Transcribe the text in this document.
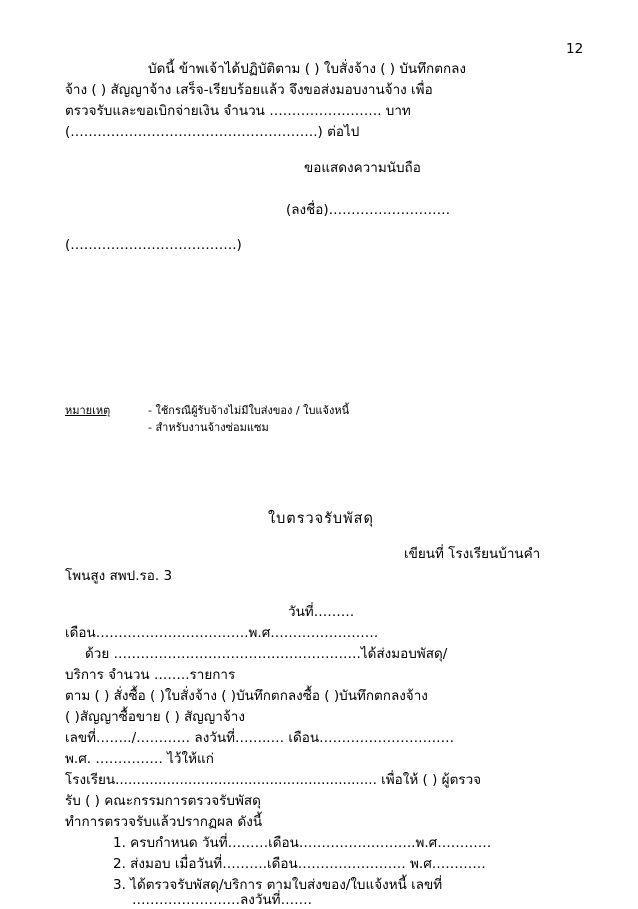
12
บัดนี้ ข้าพเจ้าได้ปฏิบัติตาม ( ) ใบสั่งจ้าง ( ) บันทึกตกลง
จ้าง ( ) สัญญาจ้าง เสร็จ-เรียบร้อยแล้ว จึงขอส่งมอบงานจ้าง เพื่อ
ตรวจรับและขอเบิกจ่ายเงิน จำนวน ……………………. บาท
(……………………………………………….) ต่อไป
ขอแสดงความนับถือ
(ลงชื่อ)………………………
(……………………………….)
หมายเหตุ	- ใช้กรณีผู้รับจ้างไม่มีใบส่งของ / ใบแจ้งหนี้
- สำหรับงานจ้างซ่อมแซม
ใบตรวจรับพัสดุ
เขียนที่ โรงเรียนบ้านคำ
โพนสูง สพป.รอ. 3
วันที่………
เดือน…………………………….พ.ศ……………………
ด้วย ……………………………………………….ได้ส่งมอบพัสดุ/
บริการ จำนวน ……..รายการ
ตาม ( ) สั่งซื้อ ( )ใบสั่งจ้าง ( )บันทึกตกลงซื้อ ( )บันทึกตกลงจ้าง
( )สัญญาซื้อขาย ( ) สัญญาจ้าง
เลขที่……../………… ลงวันที่……..… เดือน…………………………
พ.ศ. …………… ไว้ให้แก่
โรงเรียน............................................................. เพื่อให้ ( ) ผู้ตรวจ
รับ ( ) คณะกรรมการตรวจรับพัสดุ
ทำการตรวจรับแล้วปรากฏผล ดังนี้
1. ครบกำหนด วันที่………เดือน……………………..พ.ศ…………
2. ส่งมอบ เมื่อวันที่……….เดือน…………………… พ.ศ…………
3. ได้ตรวจรับพัสดุ/บริการ ตามใบส่งของ/ใบแจ้งหนี้ เลขที่
……………………ลงวันที่…….
